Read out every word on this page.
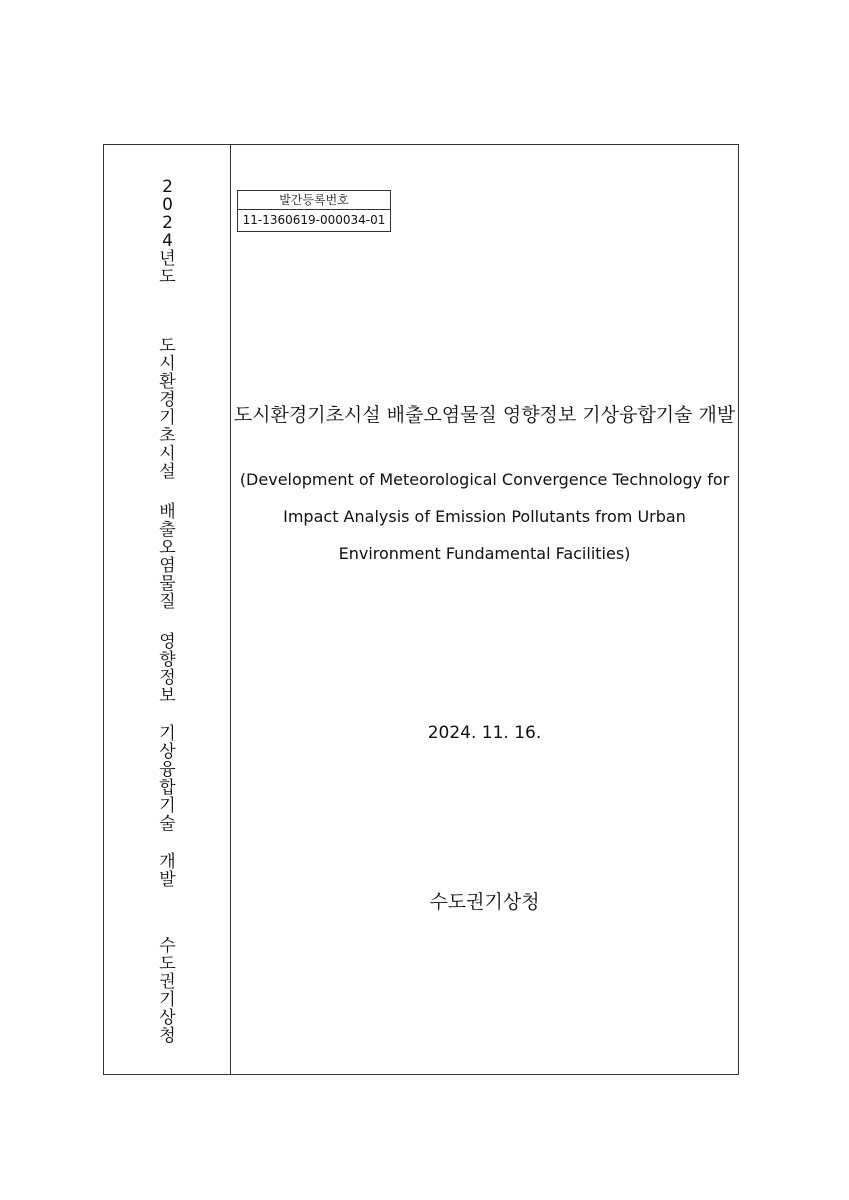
2
0
2
4
년
도
도
시
환
경
기
초
시
설
배
출
오
염
물
질
영
향
정
보
기
상
융
합
기
술
개
발
수
도
권
기
상
청
발간등록번호
11-1360619-000034-01
도시환경기초시설 배출오염물질 영향정보 기상융합기술 개발
(Development of Meteorological Convergence Technology for
Impact Analysis of Emission Pollutants from Urban
Environment Fundamental Facilities)
2024. 11. 16.
수도권기상청
